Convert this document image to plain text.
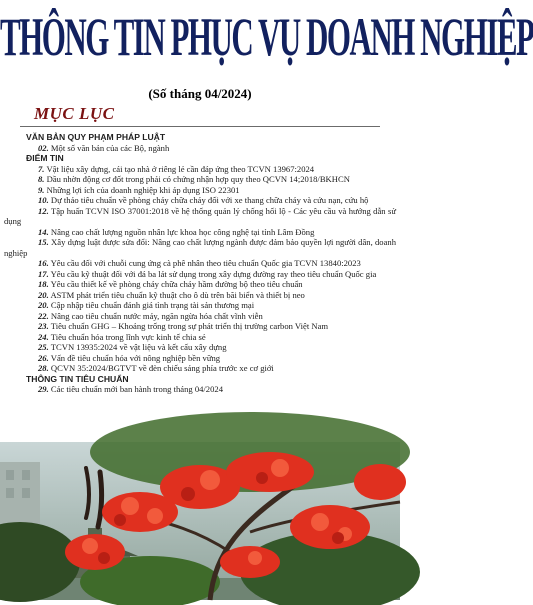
THÔNG TIN PHỤC VỤ DOANH NGHIỆP
(Số tháng 04/2024)
MỤC LỤC
VĂN BẢN QUY PHẠM PHÁP LUẬT
02. Một số văn bản của các Bộ, ngành
ĐIỂM TIN
7. Vật liệu xây dựng, cái tạo nhà ở riêng lẻ cần đáp ứng theo TCVN 13967:2024
8. Dầu nhờn động cơ đốt trong phải có chứng nhận hợp quy theo QCVN 14;2018/BKHCN
9. Những lợi ích của doanh nghiệp khi áp dụng ISO 22301
10. Dự thảo tiêu chuẩn về phòng cháy chữa cháy đối với xe thang chữa cháy và cứu nạn, cứu hộ
12. Tập huấn TCVN ISO 37001:2018 về hệ thống quản lý chống hối lộ - Các yêu cầu và hướng dẫn sử dụng
14. Nâng cao chất lượng nguồn nhân lực khoa học công nghệ tại tỉnh Lâm Đồng
15. Xây dựng luật được sửa đổi: Nâng cao chất lượng ngành được đảm bảo quyền lợi người dân, doanh nghiệp
16. Yêu cầu đối với chuỗi cung ứng cà phê nhân theo tiêu chuẩn Quốc gia TCVN 13840:2023
17. Yêu cầu kỹ thuật đối với đá ba lát sử dụng trong xây dựng đường ray theo tiêu chuẩn Quốc gia
18. Yêu cầu thiết kế về phòng cháy chữa cháy hầm đường bộ theo tiêu chuẩn
20. ASTM phát triển tiêu chuẩn kỹ thuật cho ô dù trên bãi biển và thiết bị neo
20. Cập nhập tiêu chuẩn đánh giá tình trạng tài sản thương mại
22. Nâng cao tiêu chuẩn nước máy, ngăn ngừa hóa chất vĩnh viễn
23. Tiêu chuẩn GHG – Khoảng trống trong sự phát triển thị trường carbon Việt Nam
24. Tiêu chuẩn hóa trong lĩnh vực kinh tế chia sẻ
25. TCVN 13935:2024 về vật liệu và kết cấu xây dựng
26. Vấn đề tiêu chuẩn hóa với nông nghiệp bền vững
28. QCVN 35:2024/BGTVT về đèn chiếu sáng phía trước xe cơ giới
THÔNG TIN TIÊU CHUẨN
29. Các tiêu chuẩn mới ban hành trong tháng 04/2024
